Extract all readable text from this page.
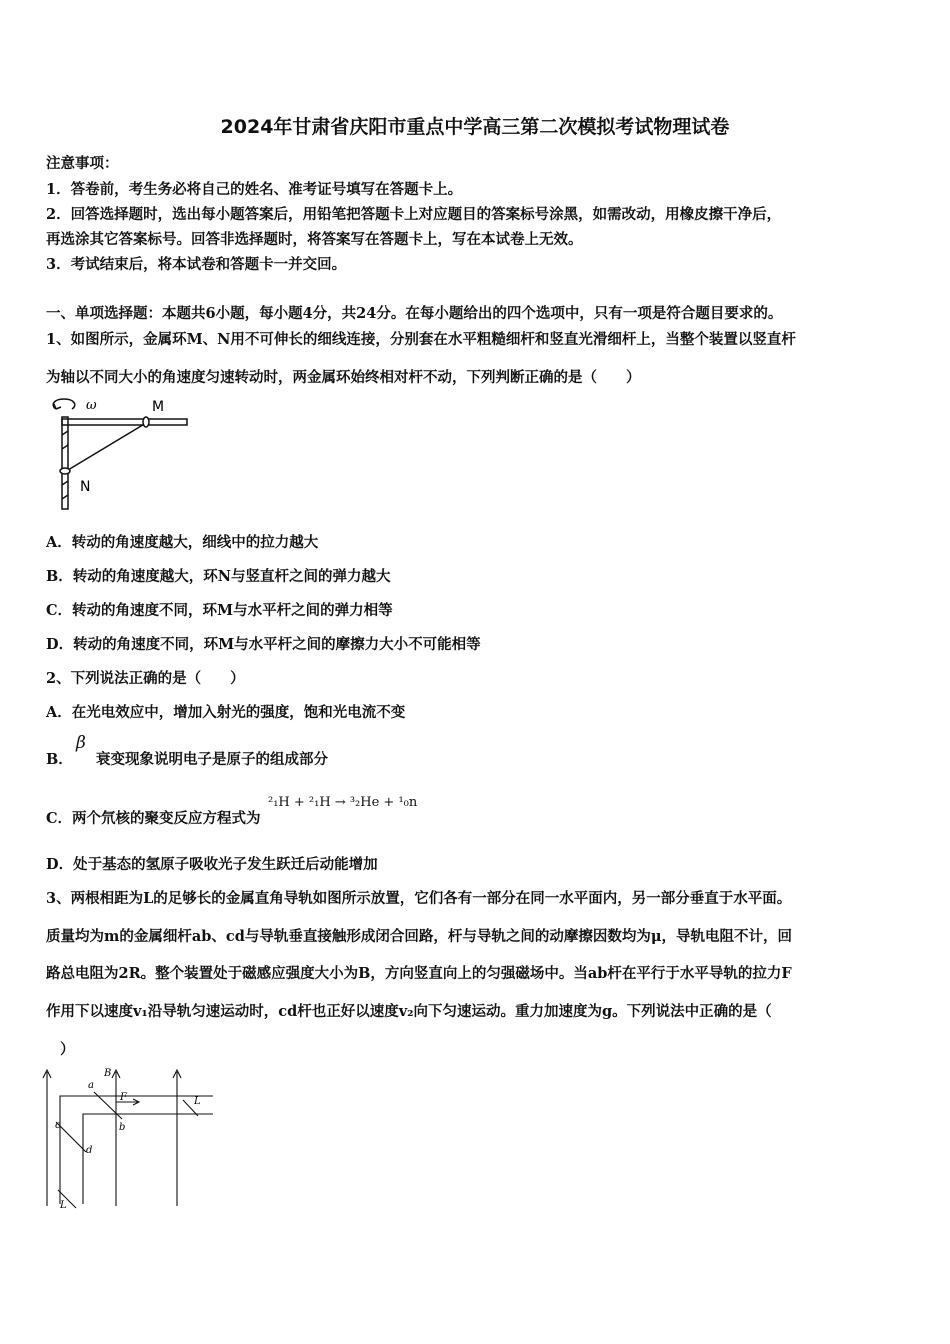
2024年甘肃省庆阳市重点中学高三第二次模拟考试物理试卷
注意事项：
1．答卷前，考生务必将自己的姓名、准考证号填写在答题卡上。
2．回答选择题时，选出每小题答案后，用铅笔把答题卡上对应题目的答案标号涂黑，如需改动，用橡皮擦干净后，
再选涂其它答案标号。回答非选择题时，将答案写在答题卡上，写在本试卷上无效。
3．考试结束后，将本试卷和答题卡一并交回。
一、单项选择题：本题共6小题，每小题4分，共24分。在每小题给出的四个选项中，只有一项是符合题目要求的。
1、如图所示，金属环M、N用不可伸长的细线连接，分别套在水平粗糙细杆和竖直光滑细杆上，当整个装置以竖直杆
为轴以不同大小的角速度匀速转动时，两金属环始终相对杆不动，下列判断正确的是（　　）
ω	M
N
A．转动的角速度越大，细线中的拉力越大
B．转动的角速度越大，环N与竖直杆之间的弹力越大
C．转动的角速度不同，环M与水平杆之间的弹力相等
D．转动的角速度不同，环M与水平杆之间的摩擦力大小不可能相等
2、下列说法正确的是（　　）
A．在光电效应中，增加入射光的强度，饱和光电流不变
B．
β
衰变现象说明电子是原子的组成部分
C．两个氘核的聚变反应方程式为
²₁H + ²₁H → ³₂He + ¹₀n
D．处于基态的氢原子吸收光子发生跃迁后动能增加
3、两根相距为L的足够长的金属直角导轨如图所示放置，它们各有一部分在同一水平面内，另一部分垂直于水平面。
质量均为m的金属细杆ab、cd与导轨垂直接触形成闭合回路，杆与导轨之间的动摩擦因数均为μ，导轨电阻不计，回
路总电阻为2R。整个装置处于磁感应强度大小为B，方向竖直向上的匀强磁场中。当ab杆在平行于水平导轨的拉力F
作用下以速度v₁沿导轨匀速运动时，cd杆也正好以速度v₂向下匀速运动。重力加速度为g。下列说法中正确的是（
）
a
B
F
b
c
d
L
L
